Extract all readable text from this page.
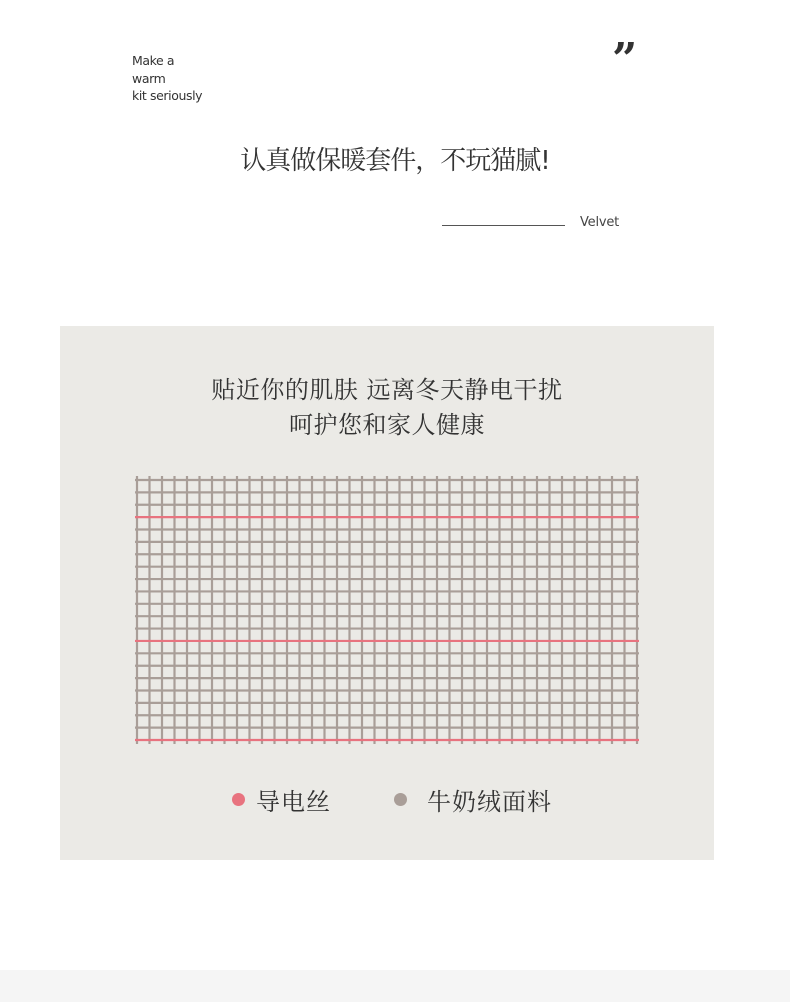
Make a
warm
kit seriously
”
认真做保暖套件，不玩猫腻!
Velvet
贴近你的肌肤 远离冬天静电干扰
呵护您和家人健康
导电丝	牛奶绒面料
